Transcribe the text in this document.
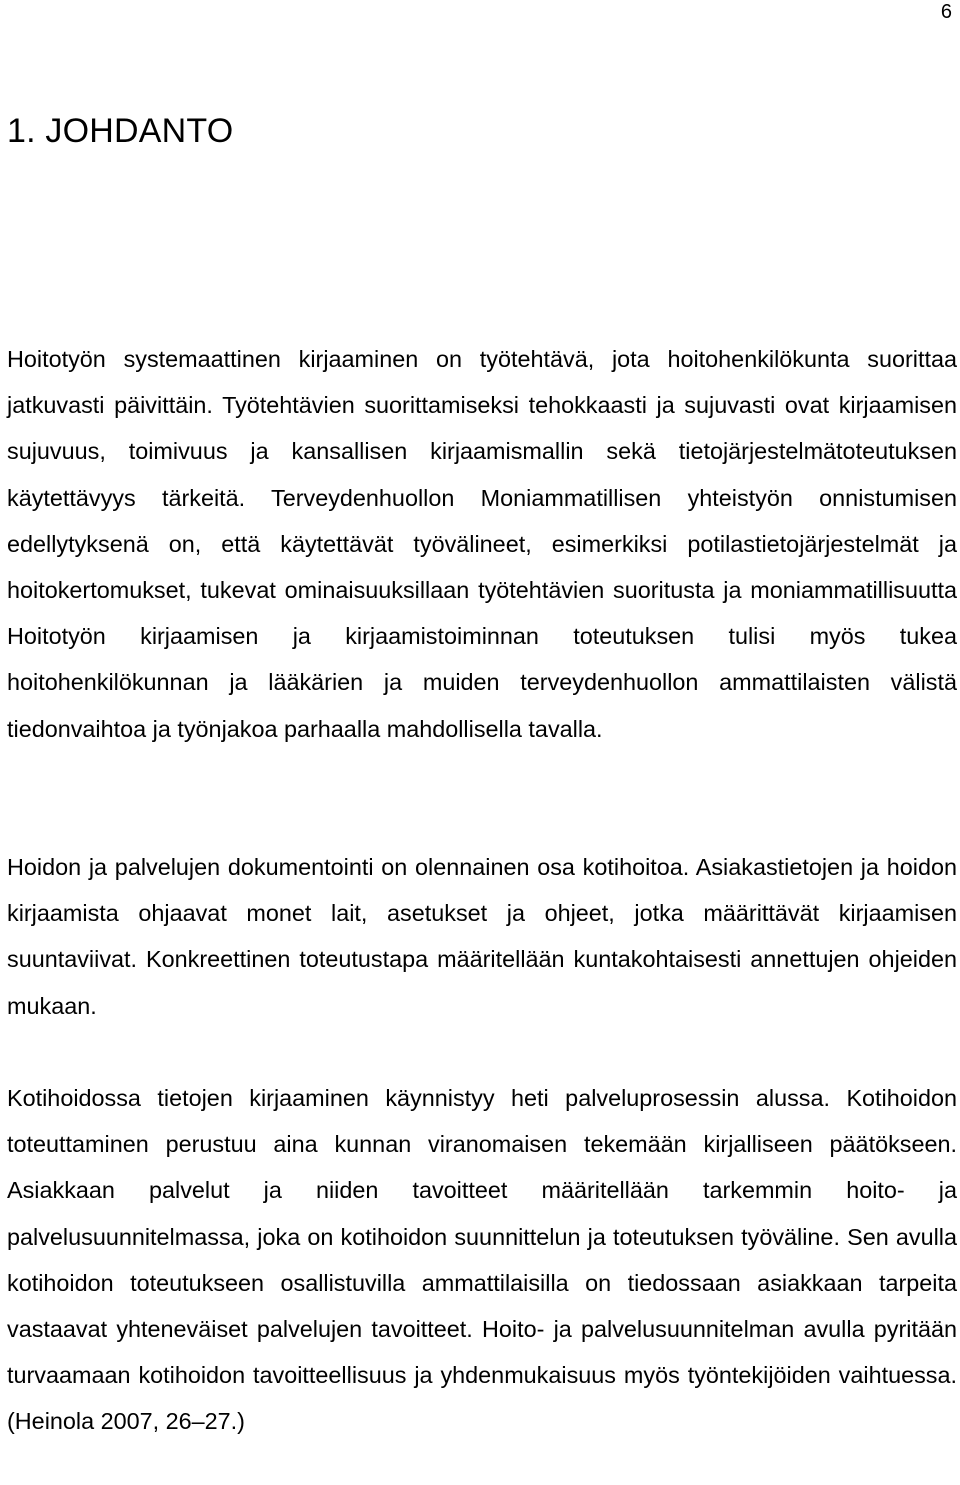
6
1. JOHDANTO

Hoitotyön systemaattinen kirjaaminen on työtehtävä, jota hoitohenkilökunta suorittaa jatkuvasti päivittäin. Työtehtävien suorittamiseksi tehokkaasti ja sujuvasti ovat kirjaamisen sujuvuus, toimivuus ja kansallisen kirjaamismallin sekä tietojärjestelmätoteutuksen käytettävyys tärkeitä. Terveydenhuollon Moniammatillisen yhteistyön onnistumisen edellytyksenä on, että käytettävät työvälineet, esimerkiksi potilastietojärjestelmät ja hoitokertomukset, tukevat ominaisuuksillaan työtehtävien suoritusta ja moniammatillisuutta Hoitotyön kirjaamisen ja kirjaamistoiminnan toteutuksen tulisi myös tukea hoitohenkilökunnan ja lääkärien ja muiden terveydenhuollon ammattilaisten välistä tiedonvaihtoa ja työnjakoa parhaalla mahdollisella tavalla.

Hoidon ja palvelujen dokumentointi on olennainen osa kotihoitoa. Asiakastietojen ja hoidon kirjaamista ohjaavat monet lait, asetukset ja ohjeet, jotka määrittävät kirjaamisen suuntaviivat. Konkreettinen toteutustapa määritellään kuntakohtaisesti annettujen ohjeiden mukaan.

Kotihoidossa tietojen kirjaaminen käynnistyy heti palveluprosessin alussa. Kotihoidon toteuttaminen perustuu aina kunnan viranomaisen tekemään kirjalliseen päätökseen. Asiakkaan palvelut ja niiden tavoitteet määritellään tarkemmin hoito- ja palvelusuunnitelmassa, joka on kotihoidon suunnittelun ja toteutuksen työväline. Sen avulla kotihoidon toteutukseen osallistuvilla ammattilaisilla on tiedossaan asiakkaan tarpeita vastaavat yhteneväiset palvelujen tavoitteet. Hoito- ja palvelusuunnitelman avulla pyritään turvaamaan kotihoidon tavoitteellisuus ja yhdenmukaisuus myös työntekijöiden vaihtuessa. (Heinola 2007, 26–27.)
